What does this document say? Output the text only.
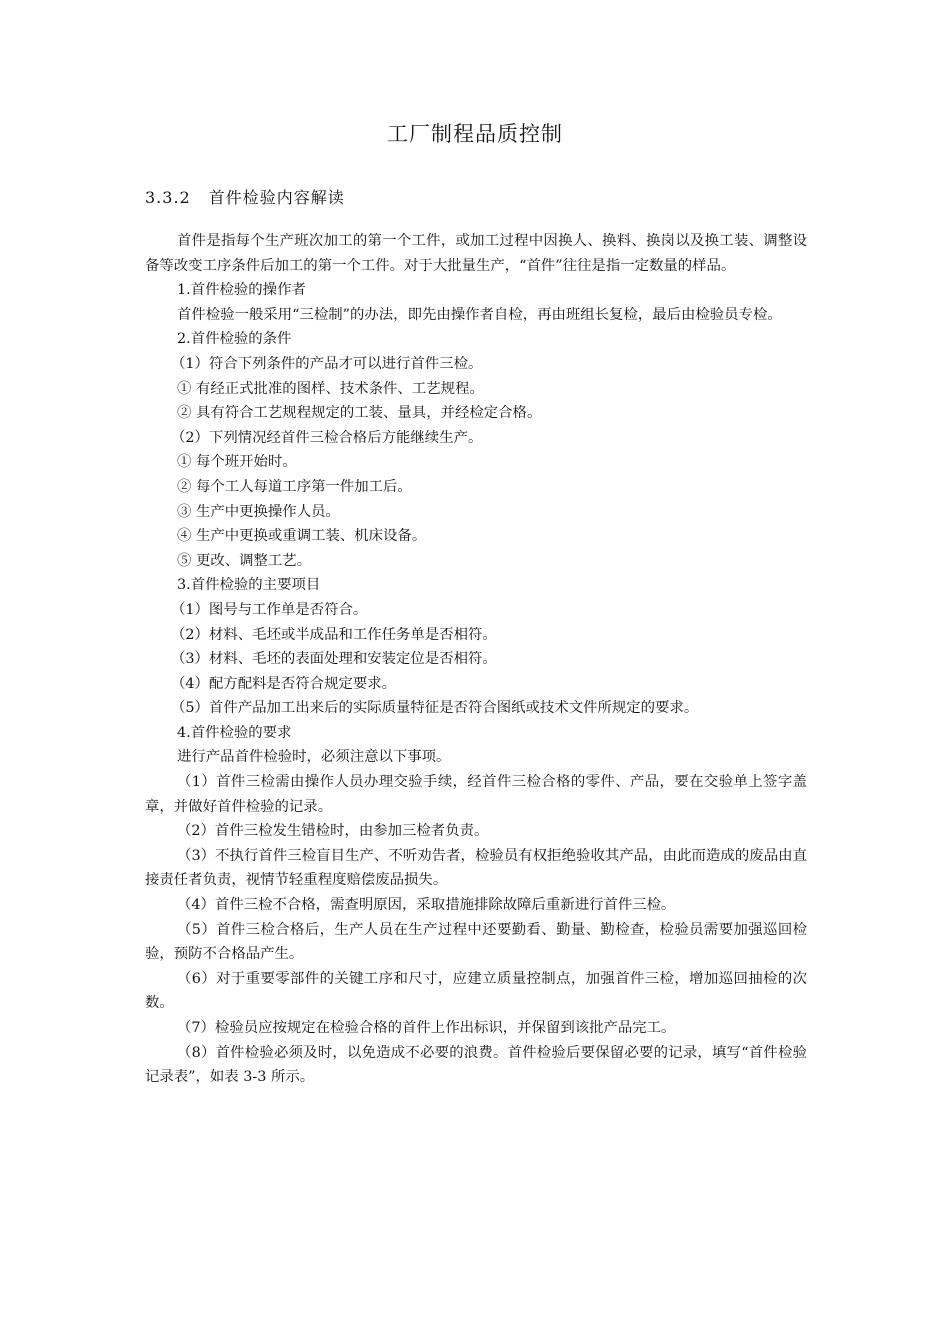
工厂制程品质控制
3.3.2 首件检验内容解读

首件是指每个生产班次加工的第一个工件，或加工过程中因换人、换料、换岗以及换工装、调整设备等改变工序条件后加工的第一个工件。对于大批量生产，“首件”往往是指一定数量的样品。

1.首件检验的操作者

首件检验一般采用“三检制”的办法，即先由操作者自检，再由班组长复检，最后由检验员专检。

2.首件检验的条件

（1）符合下列条件的产品才可以进行首件三检。

① 有经正式批准的图样、技术条件、工艺规程。

② 具有符合工艺规程规定的工装、量具，并经检定合格。

（2）下列情况经首件三检合格后方能继续生产。

① 每个班开始时。

② 每个工人每道工序第一件加工后。

③ 生产中更换操作人员。

④ 生产中更换或重调工装、机床设备。

⑤ 更改、调整工艺。

3.首件检验的主要项目

（1）图号与工作单是否符合。

（2）材料、毛坯或半成品和工作任务单是否相符。

（3）材料、毛坯的表面处理和安装定位是否相符。

（4）配方配料是否符合规定要求。

（5）首件产品加工出来后的实际质量特征是否符合图纸或技术文件所规定的要求。

4.首件检验的要求

进行产品首件检验时，必须注意以下事项。

（1）首件三检需由操作人员办理交验手续，经首件三检合格的零件、产品，要在交验单上签字盖章，并做好首件检验的记录。

（2）首件三检发生错检时，由参加三检者负责。

（3）不执行首件三检盲目生产、不听劝告者，检验员有权拒绝验收其产品，由此而造成的废品由直接责任者负责，视情节轻重程度赔偿废品损失。

（4）首件三检不合格，需查明原因，采取措施排除故障后重新进行首件三检。

（5）首件三检合格后，生产人员在生产过程中还要勤看、勤量、勤检查，检验员需要加强巡回检验，预防不合格品产生。

（6）对于重要零部件的关键工序和尺寸，应建立质量控制点，加强首件三检，增加巡回抽检的次数。

（7）检验员应按规定在检验合格的首件上作出标识，并保留到该批产品完工。

（8）首件检验必须及时，以免造成不必要的浪费。首件检验后要保留必要的记录，填写“首件检验记录表”，如表 3-3 所示。
